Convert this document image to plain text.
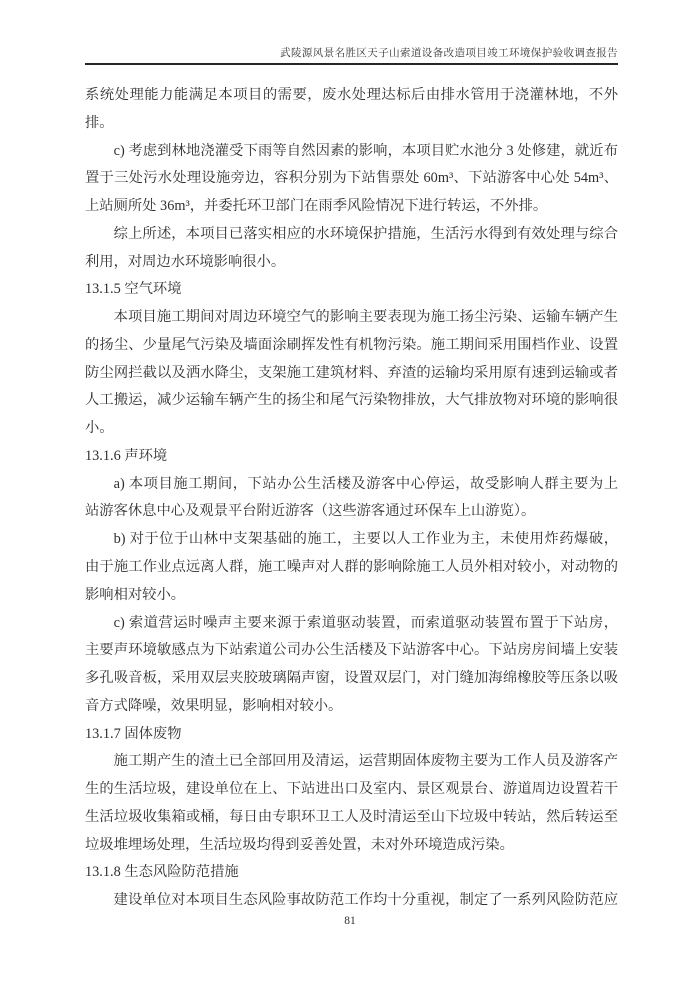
武陵源风景名胜区天子山索道设备改造项目竣工环境保护验收调查报告
系统处理能力能满足本项目的需要，废水处理达标后由排水管用于浇灌林地，不外
排。
c) 考虑到林地浇灌受下雨等自然因素的影响，本项目贮水池分 3 处修建，就近布
置于三处污水处理设施旁边，容积分别为下站售票处 60m³、下站游客中心处 54m³、
上站厕所处 36m³，并委托环卫部门在雨季风险情况下进行转运，不外排。
综上所述，本项目已落实相应的水环境保护措施，生活污水得到有效处理与综合
利用，对周边水环境影响很小。
13.1.5 空气环境
本项目施工期间对周边环境空气的影响主要表现为施工扬尘污染、运输车辆产生
的扬尘、少量尾气污染及墙面涂刷挥发性有机物污染。施工期间采用围档作业、设置
防尘网拦截以及洒水降尘，支架施工建筑材料、弃渣的运输均采用原有速到运输或者
人工搬运，减少运输车辆产生的扬尘和尾气污染物排放，大气排放物对环境的影响很
小。
13.1.6 声环境
a) 本项目施工期间，下站办公生活楼及游客中心停运，故受影响人群主要为上
站游客休息中心及观景平台附近游客（这些游客通过环保车上山游览）。
b) 对于位于山林中支架基础的施工，主要以人工作业为主，未使用炸药爆破，
由于施工作业点远离人群，施工噪声对人群的影响除施工人员外相对较小，对动物的
影响相对较小。
c) 索道营运时噪声主要来源于索道驱动装置，而索道驱动装置布置于下站房，
主要声环境敏感点为下站索道公司办公生活楼及下站游客中心。下站房房间墙上安装
多孔吸音板，采用双层夹胶玻璃隔声窗，设置双层门，对门缝加海绵橡胶等压条以吸
音方式降噪，效果明显，影响相对较小。
13.1.7 固体废物
施工期产生的渣土已全部回用及清运，运营期固体废物主要为工作人员及游客产
生的生活垃圾，建设单位在上、下站进出口及室内、景区观景台、游道周边设置若干
生活垃圾收集箱或桶，每日由专职环卫工人及时清运至山下垃圾中转站，然后转运至
垃圾堆埋场处理，生活垃圾均得到妥善处置，未对外环境造成污染。
13.1.8 生态风险防范措施
建设单位对本项目生态风险事故防范工作均十分重视，制定了一系列风险防范应
81
